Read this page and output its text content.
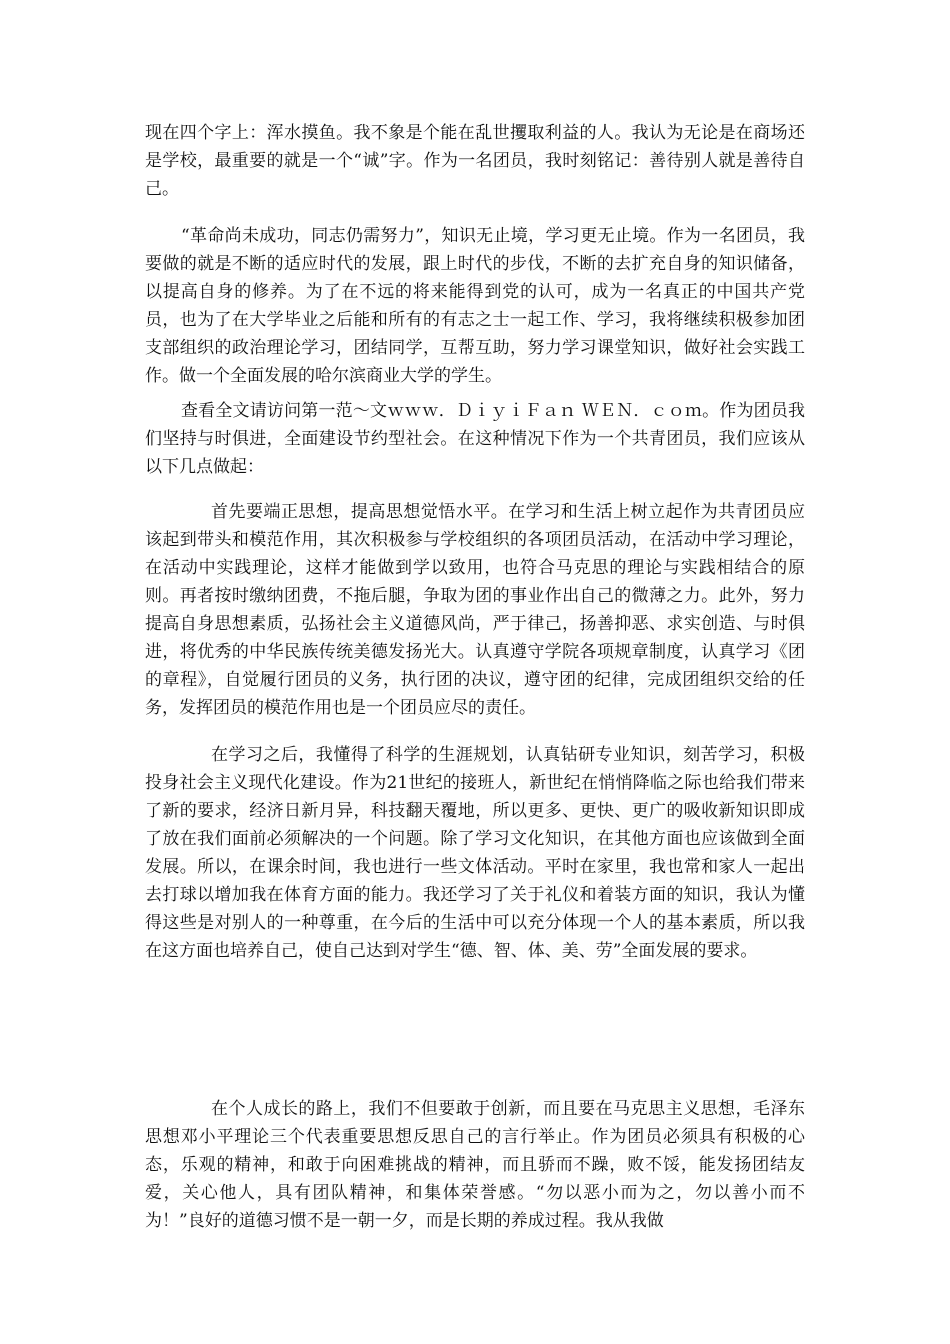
现在四个字上：浑水摸鱼。我不象是个能在乱世攫取利益的人。我认为无论是在商场还是学校，最重要的就是一个“诚”字。作为一名团员，我时刻铭记：善待别人就是善待自己。

“革命尚未成功，同志仍需努力”，知识无止境，学习更无止境。作为一名团员，我要做的就是不断的适应时代的发展，跟上时代的步伐，不断的去扩充自身的知识储备，以提高自身的修养。为了在不远的将来能得到党的认可，成为一名真正的中国共产党员，也为了在大学毕业之后能和所有的有志之士一起工作、学习，我将继续积极参加团支部组织的政治理论学习，团结同学，互帮互助，努力学习课堂知识，做好社会实践工作。做一个全面发展的哈尔滨商业大学的学生。

查看全文请访问第一范～文ｗｗｗ．ＤｉｙｉＦａｎ ＷＥＮ．ｃｏｍ。作为团员我们坚持与时俱进，全面建设节约型社会。在这种情况下作为一个共青团员，我们应该从以下几点做起：

首先要端正思想，提高思想觉悟水平。在学习和生活上树立起作为共青团员应该起到带头和模范作用，其次积极参与学校组织的各项团员活动，在活动中学习理论，在活动中实践理论，这样才能做到学以致用，也符合马克思的理论与实践相结合的原则。再者按时缴纳团费，不拖后腿，争取为团的事业作出自己的微薄之力。此外，努力提高自身思想素质，弘扬社会主义道德风尚，严于律己，扬善抑恶、求实创造、与时俱进，将优秀的中华民族传统美德发扬光大。认真遵守学院各项规章制度，认真学习《团的章程》，自觉履行团员的义务，执行团的决议，遵守团的纪律，完成团组织交给的任务，发挥团员的模范作用也是一个团员应尽的责任。

在学习之后，我懂得了科学的生涯规划，认真钻研专业知识，刻苦学习，积极投身社会主义现代化建设。作为21世纪的接班人，新世纪在悄悄降临之际也给我们带来了新的要求，经济日新月异，科技翻天覆地，所以更多、更快、更广的吸收新知识即成了放在我们面前必须解决的一个问题。除了学习文化知识，在其他方面也应该做到全面发展。所以，在课余时间，我也进行一些文体活动。平时在家里，我也常和家人一起出去打球以增加我在体育方面的能力。我还学习了关于礼仪和着装方面的知识，我认为懂得这些是对别人的一种尊重，在今后的生活中可以充分体现一个人的基本素质，所以我在这方面也培养自己，使自己达到对学生“德、智、体、美、劳”全面发展的要求。

在个人成长的路上，我们不但要敢于创新，而且要在马克思主义思想，毛泽东思想邓小平理论三个代表重要思想反思自己的言行举止。作为团员必须具有积极的心态，乐观的精神，和敢于向困难挑战的精神，而且骄而不躁，败不馁，能发扬团结友爱，关心他人，具有团队精神，和集体荣誉感。“勿以恶小而为之，勿以善小而不为！”良好的道德习惯不是一朝一夕，而是长期的养成过程。我从我做
